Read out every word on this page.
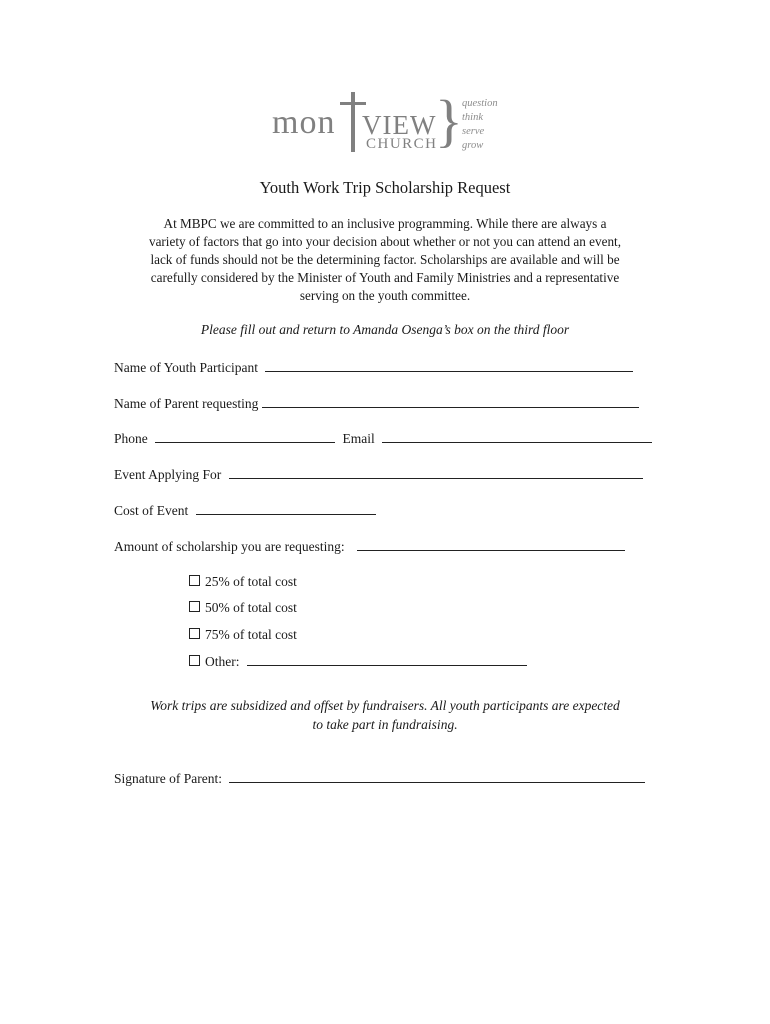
mon VIEW
CHURCH
} question
think
serve
grow
Youth Work Trip Scholarship Request
At MBPC we are committed to an inclusive programming. While there are always a
variety of factors that go into your decision about whether or not you can attend an event,
lack of funds should not be the determining factor. Scholarships are available and will be
carefully considered by the Minister of Youth and Family Ministries and a representative
serving on the youth committee.
Please fill out and return to Amanda Osenga’s box on the third floor
Name of Youth Participant
Name of Parent requesting
Phone	Email
Event Applying For
Cost of Event
Amount of scholarship you are requesting:
25% of total cost
50% of total cost
75% of total cost
Other:
Work trips are subsidized and offset by fundraisers. All youth participants are expected
to take part in fundraising.
Signature of Parent:
